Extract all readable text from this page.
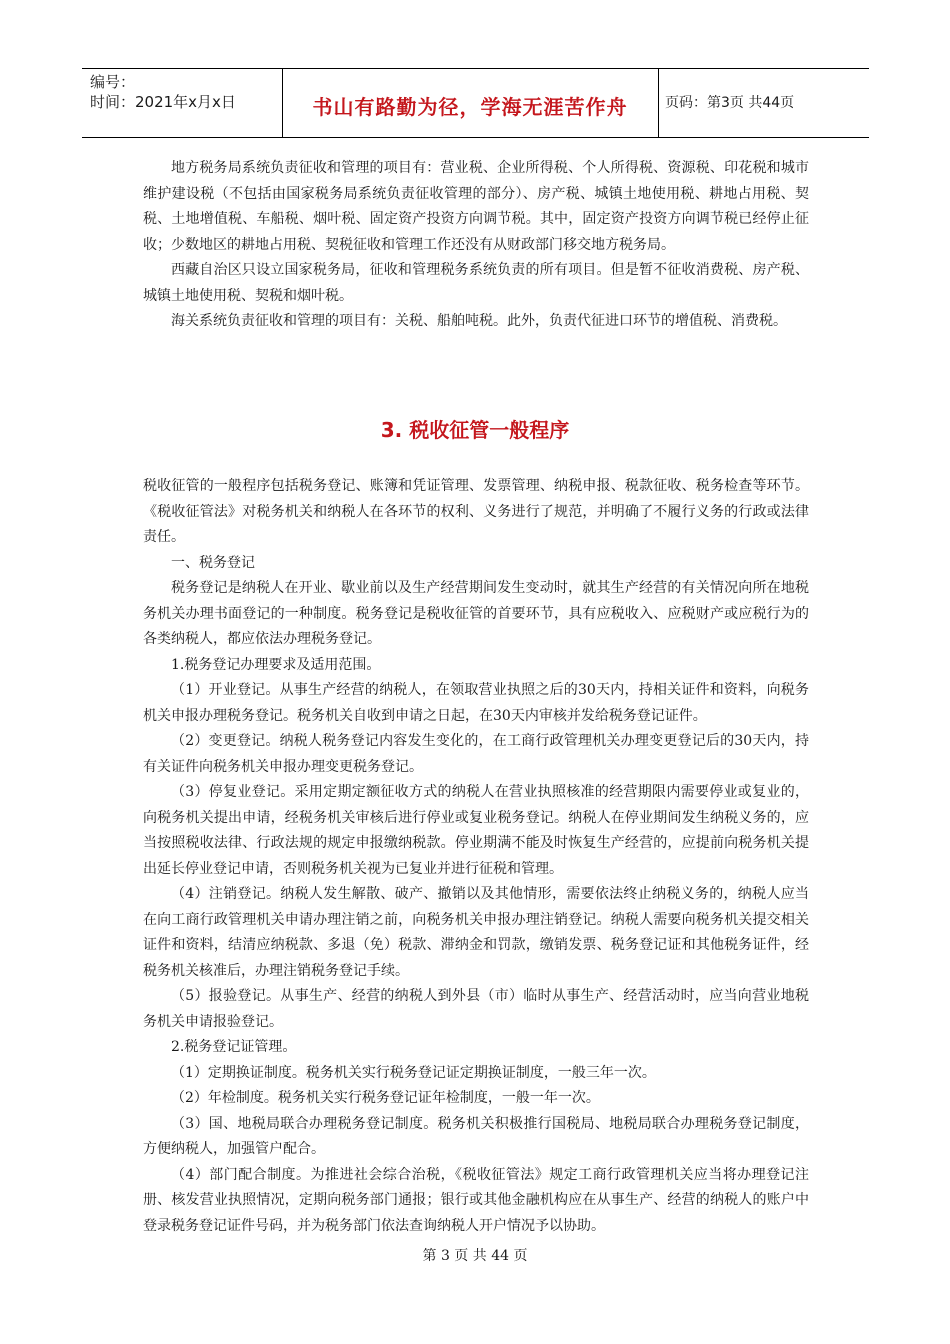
编号：
时间：2021年x月x日	书山有路勤为径，学海无涯苦作舟	页码：第3页 共44页

地方税务局系统负责征收和管理的项目有：营业税、企业所得税、个人所得税、资源税、印花税和城市维护建设税（不包括由国家税务局系统负责征收管理的部分）、房产税、城镇土地使用税、耕地占用税、契税、土地增值税、车船税、烟叶税、固定资产投资方向调节税。其中，固定资产投资方向调节税已经停止征收；少数地区的耕地占用税、契税征收和管理工作还没有从财政部门移交地方税务局。

西藏自治区只设立国家税务局，征收和管理税务系统负责的所有项目。但是暂不征收消费税、房产税、城镇土地使用税、契税和烟叶税。

海关系统负责征收和管理的项目有：关税、船舶吨税。此外，负责代征进口环节的增值税、消费税。

3. 税收征管一般程序

税收征管的一般程序包括税务登记、账簿和凭证管理、发票管理、纳税申报、税款征收、税务检查等环节。《税收征管法》对税务机关和纳税人在各环节的权利、义务进行了规范，并明确了不履行义务的行政或法律责任。

一、税务登记

税务登记是纳税人在开业、歇业前以及生产经营期间发生变动时，就其生产经营的有关情况向所在地税务机关办理书面登记的一种制度。税务登记是税收征管的首要环节，具有应税收入、应税财产或应税行为的各类纳税人，都应依法办理税务登记。

1.税务登记办理要求及适用范围。

（1）开业登记。从事生产经营的纳税人，在领取营业执照之后的30天内，持相关证件和资料，向税务机关申报办理税务登记。税务机关自收到申请之日起，在30天内审核并发给税务登记证件。

（2）变更登记。纳税人税务登记内容发生变化的，在工商行政管理机关办理变更登记后的30天内，持有关证件向税务机关申报办理变更税务登记。

（3）停复业登记。采用定期定额征收方式的纳税人在营业执照核准的经营期限内需要停业或复业的，向税务机关提出申请，经税务机关审核后进行停业或复业税务登记。纳税人在停业期间发生纳税义务的，应当按照税收法律、行政法规的规定申报缴纳税款。停业期满不能及时恢复生产经营的，应提前向税务机关提出延长停业登记申请，否则税务机关视为已复业并进行征税和管理。

（4）注销登记。纳税人发生解散、破产、撤销以及其他情形，需要依法终止纳税义务的，纳税人应当在向工商行政管理机关申请办理注销之前，向税务机关申报办理注销登记。纳税人需要向税务机关提交相关证件和资料，结清应纳税款、多退（免）税款、滞纳金和罚款，缴销发票、税务登记证和其他税务证件，经税务机关核准后，办理注销税务登记手续。

（5）报验登记。从事生产、经营的纳税人到外县（市）临时从事生产、经营活动时，应当向营业地税务机关申请报验登记。

2.税务登记证管理。

（1）定期换证制度。税务机关实行税务登记证定期换证制度，一般三年一次。

（2）年检制度。税务机关实行税务登记证年检制度，一般一年一次。

（3）国、地税局联合办理税务登记制度。税务机关积极推行国税局、地税局联合办理税务登记制度，方便纳税人，加强管户配合。

（4）部门配合制度。为推进社会综合治税，《税收征管法》规定工商行政管理机关应当将办理登记注册、核发营业执照情况，定期向税务部门通报；银行或其他金融机构应在从事生产、经营的纳税人的账户中登录税务登记证件号码，并为税务部门依法查询纳税人开户情况予以协助。

第 3 页 共 44 页
